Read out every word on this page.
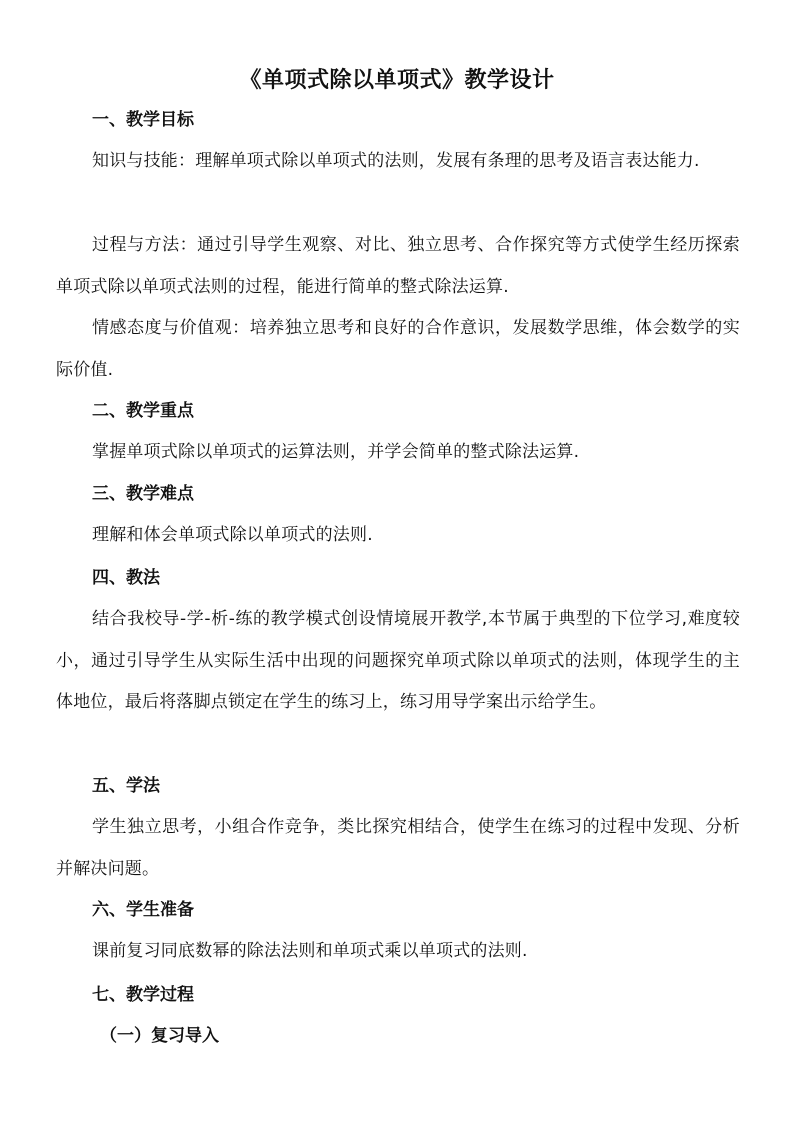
《单项式除以单项式》教学设计
一、教学目标
知识与技能：理解单项式除以单项式的法则，发展有条理的思考及语言表达能力.
过程与方法：通过引导学生观察、对比、独立思考、合作探究等方式使学生经历探索单项式除以单项式法则的过程，能进行简单的整式除法运算.
情感态度与价值观：培养独立思考和良好的合作意识，发展数学思维，体会数学的实际价值.
二、教学重点
掌握单项式除以单项式的运算法则，并学会简单的整式除法运算.
三、教学难点
理解和体会单项式除以单项式的法则.
四、教法
结合我校导-学-析-练的教学模式创设情境展开教学,本节属于典型的下位学习,难度较小，通过引导学生从实际生活中出现的问题探究单项式除以单项式的法则，体现学生的主体地位，最后将落脚点锁定在学生的练习上，练习用导学案出示给学生。
五、学法
学生独立思考，小组合作竞争，类比探究相结合，使学生在练习的过程中发现、分析并解决问题。
六、学生准备
课前复习同底数幂的除法法则和单项式乘以单项式的法则.
七、教学过程
（一）复习导入
